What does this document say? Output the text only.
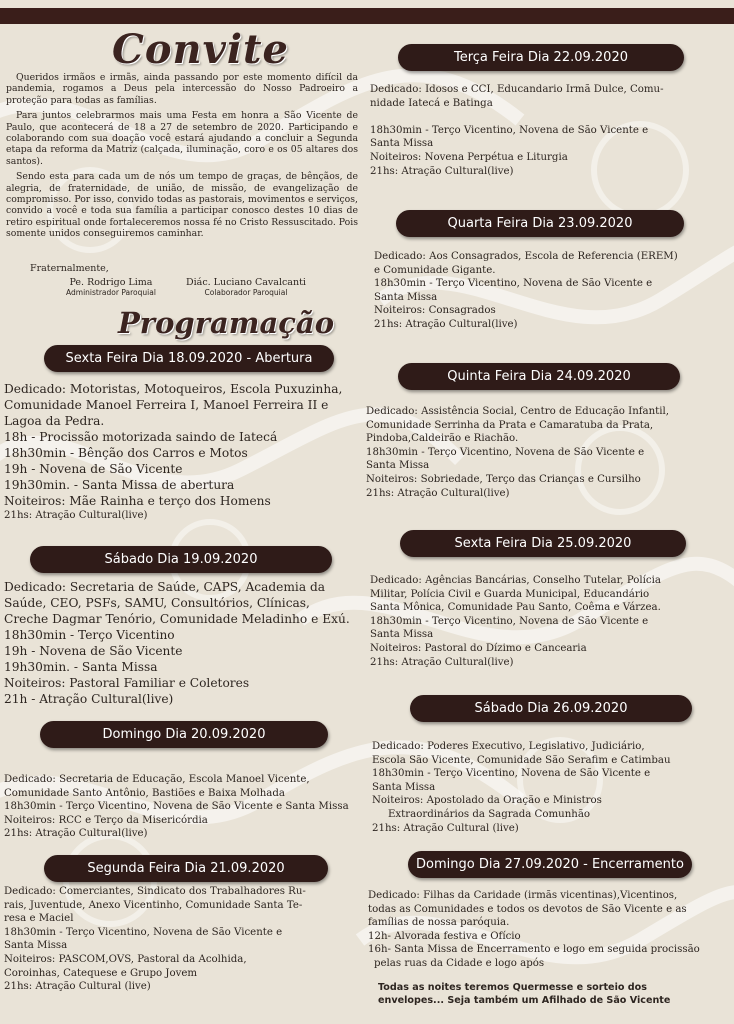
Convite

Queridos irmãos e irmãs, ainda passando por este momento difícil da pandemia, rogamos a Deus pela intercessão do Nosso Padroeiro a proteção para todas as famílias.

Para juntos celebrarmos mais uma Festa em honra a São Vicente de Paulo, que acontecerá de 18 a 27 de setembro de 2020. Participando e colaborando com sua doação você estará ajudando a concluir a Segunda etapa da reforma da Matriz (calçada, iluminação, coro e os 05 altares dos santos).

Sendo esta para cada um de nós um tempo de graças, de bênçãos, de alegria, de fraternidade, de união, de missão, de evangelização de compromisso. Por isso, convido todas as pastorais, movimentos e serviços, convido a você e toda sua família a participar conosco destes 10 dias de retiro espiritual onde fortaleceremos nossa fé no Cristo Ressuscitado. Pois somente unidos conseguiremos caminhar.

Fraternalmente,
Pe. Rodrigo Lima
Administrador Paroquial
Diác. Luciano Cavalcanti
Colaborador Paroquial
Programação
Sexta Feira Dia 18.09.2020 - Abertura
Dedicado: Motoristas, Motoqueiros, Escola Puxuzinha,
Comunidade Manoel Ferreira I, Manoel Ferreira II e
Lagoa da Pedra.
18h - Procissão motorizada saindo de Iatecá
18h30min - Bênção dos Carros e Motos
19h - Novena de São Vicente
19h30min. - Santa Missa de abertura
Noiteiros: Mãe Rainha e terço dos Homens
21hs: Atração Cultural(live)
Sábado Dia 19.09.2020
Dedicado: Secretaria de Saúde, CAPS, Academia da
Saúde, CEO, PSFs, SAMU, Consultórios, Clínicas,
Creche Dagmar Tenório, Comunidade Meladinho e Exú.
18h30min - Terço Vicentino
19h - Novena de São Vicente
19h30min. - Santa Missa
Noiteiros: Pastoral Familiar e Coletores
21h - Atração Cultural(live)
Domingo Dia 20.09.2020
Dedicado: Secretaria de Educação, Escola Manoel Vicente,
Comunidade Santo Antônio, Bastiões e Baixa Molhada
18h30min - Terço Vicentino, Novena de São Vicente e Santa Missa
Noiteiros: RCC e Terço da Misericórdia
21hs: Atração Cultural(live)
Segunda Feira Dia 21.09.2020
Dedicado: Comerciantes, Sindicato dos Trabalhadores Ru-
rais, Juventude, Anexo Vicentinho, Comunidade Santa Te-
resa e Maciel
18h30min - Terço Vicentino, Novena de São Vicente e
Santa Missa
Noiteiros: PASCOM,OVS, Pastoral da Acolhida,
Coroinhas, Catequese e Grupo Jovem
21hs: Atração Cultural (live)
Terça Feira Dia 22.09.2020
Dedicado: Idosos e CCI, Educandario Irmã Dulce, Comu-
nidade Iatecá e Batinga

18h30min - Terço Vicentino, Novena de São Vicente e
Santa Missa
Noiteiros: Novena Perpétua e Liturgia
21hs: Atração Cultural(live)
Quarta Feira Dia 23.09.2020
Dedicado: Aos Consagrados, Escola de Referencia (EREM)
e Comunidade Gigante.
18h30min - Terço Vicentino, Novena de São Vicente e
Santa Missa
Noiteiros: Consagrados
21hs: Atração Cultural(live)
Quinta Feira Dia 24.09.2020
Dedicado: Assistência Social, Centro de Educação Infantil,
Comunidade Serrinha da Prata e Camaratuba da Prata,
Pindoba,Caldeirão e Riachão.
18h30min - Terço Vicentino, Novena de São Vicente e
Santa Missa
Noiteiros: Sobriedade, Terço das Crianças e Cursilho
21hs: Atração Cultural(live)
Sexta Feira Dia 25.09.2020
Dedicado: Agências Bancárias, Conselho Tutelar, Polícia
Militar, Polícia Civil e Guarda Municipal, Educandário
Santa Mônica, Comunidade Pau Santo, Coêma e Várzea.
18h30min - Terço Vicentino, Novena de São Vicente e
Santa Missa
Noiteiros: Pastoral do Dízimo e Cancearia
21hs: Atração Cultural(live)
Sábado Dia 26.09.2020
Dedicado: Poderes Executivo, Legislativo, Judiciário,
Escola São Vicente, Comunidade São Serafim e Catimbau
18h30min - Terço Vicentino, Novena de São Vicente e
Santa Missa
Noiteiros: Apostolado da Oração e Ministros
Extraordinários da Sagrada Comunhão
21hs: Atração Cultural (live)
Domingo Dia 27.09.2020 - Encerramento
Dedicado: Filhas da Caridade (irmãs vicentinas),Vicentinos,
todas as Comunidades e todos os devotos de São Vicente e as
famílias de nossa paróquia.
12h- Alvorada festiva e Ofício
16h- Santa Missa de Encerramento e logo em seguida procissão
pelas ruas da Cidade e logo após
Todas as noites teremos Quermesse e sorteio dos
envelopes... Seja também um Afilhado de São Vicente
